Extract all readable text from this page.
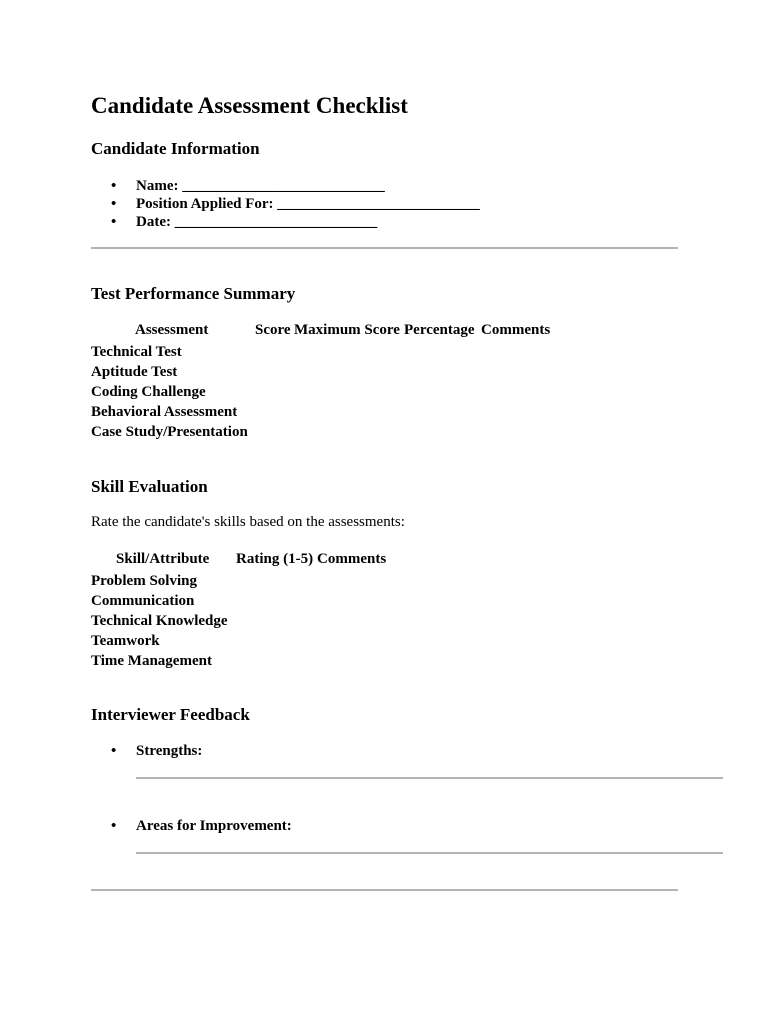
Candidate Assessment Checklist
Candidate Information
• Name: ___________________________
• Position Applied For: ___________________________
• Date: ___________________________
Test Performance Summary
Assessment	Score Maximum Score Percentage Comments
Technical Test
Aptitude Test
Coding Challenge
Behavioral Assessment
Case Study/Presentation
Skill Evaluation
Rate the candidate's skills based on the assessments:
Skill/Attribute Rating (1-5) Comments
Problem Solving
Communication
Technical Knowledge
Teamwork
Time Management
Interviewer Feedback
• Strengths:
• Areas for Improvement:
